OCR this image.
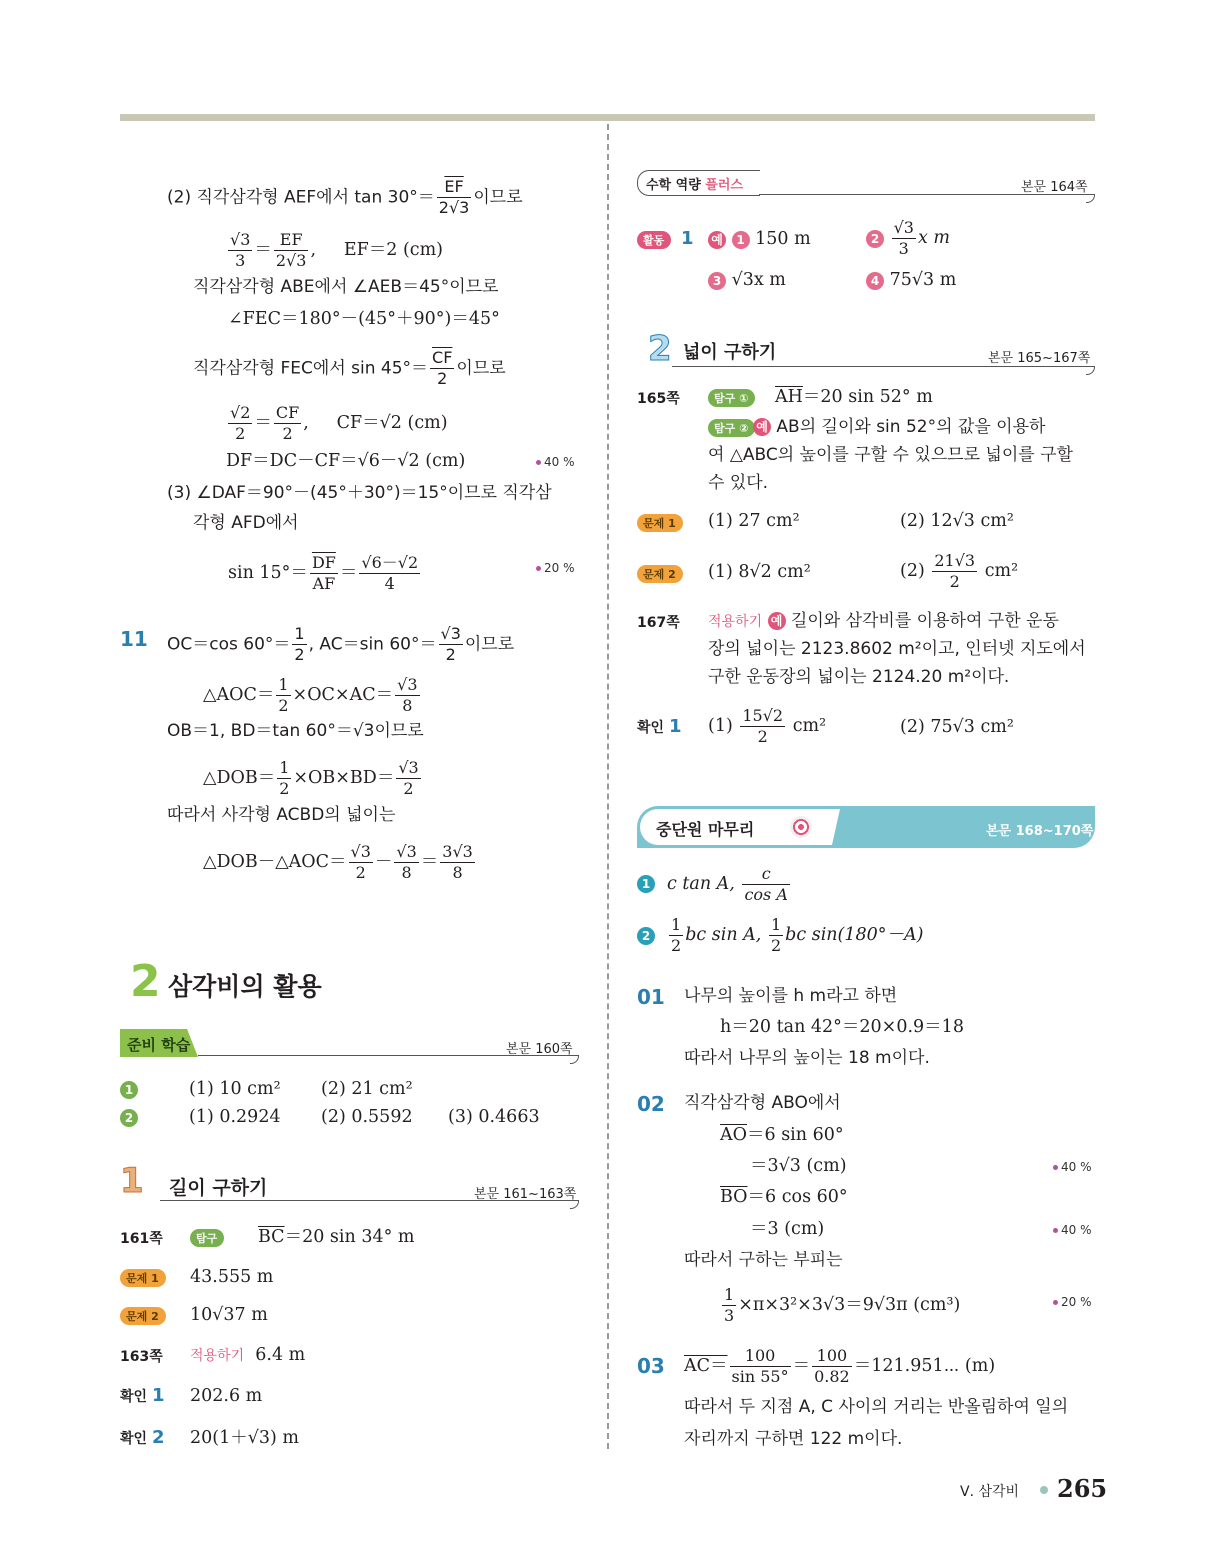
(2) 직각삼각형 AEF에서 $\tan 30^\circ= \frac{\overline{EF}}{2√3}$ 이므로
$\frac{√3}{3} = \frac{EF}{2√3}$ ,     EF＝2 (cm)
직각삼각형 ABE에서 ∠AEB＝45°이므로
∠FEC＝180°－(45°＋90°)＝45°
직각삼각형 FEC에서 $\sin 45^\circ= \frac{\overline{CF}}{2}$ 이므로
$\frac{√2}{2} = \frac{CF}{2}$ ,     CF＝√2 (cm)
DF＝DC－CF＝√6－√2 (cm)	40 %
(3) ∠DAF＝90°－(45°＋30°)＝15°이므로 직각삼
각형 AFD에서
$\sin 15^\circ= \frac{\overline{DF}}{AF} = \frac{√6-√2}{4}$	20 %
11 OC＝cos $60^\circ= \frac{1}{2}$ , AC＝sin $60^\circ= \frac{√3}{2}$ 이므로
△AOC＝ $\frac{1}{2} \times OC\times AC= \frac{√3}{8}$
OB＝1, BD＝tan 60°＝√3이므로
△DOB＝ $\frac{1}{2} \times OB\times BD= \frac{√3}{2}$
따라서 사각형 ACBD의 넓이는
△DOB－△AOC＝ $\frac{√3}{2} - \frac{√3}{8} = \frac{3√3}{8}$
2 삼각비의 활용
준비 학습	본문 160쪽
1	(1) 10 cm² (2) 21 cm²
2	(1) 0.2924 (2) 0.5592 (3) 0.4663
1 길이 구하기	본문 161~163쪽
161쪽	탐구	$\overline{BC}=20$ sin 34° m
문제 1	43.555 m
문제 2	10√37 m
163쪽 적용하기 6.4 m
확인 1 202.6 m
확인 2 20(1＋√3) m
수학 역량 플러스	본문 164쪽
활동 1 예 1 150 m	$2 \frac{√3}{3}$ x m
3 √3x m	4 75√3 m
2 넓이 구하기	본문 165~167쪽
165쪽	탐구 ①	$\overline{AH}=20$ sin 52° m
탐구 ② 예 AB의 길이와 sin 52°의 값을 이용하
여 △ABC의 높이를 구할 수 있으므로 넓이를 구할
수 있다.
문제 1	(1) 27 cm²	(2) 12√3 cm²
문제 2	(1) 8√2 cm²	$(2) \frac{21√3}{2} cm^2$
167쪽 적용하기 예 길이와 삼각비를 이용하여 구한 운동
장의 넓이는 2123.8602 m²이고, 인터넷 지도에서
구한 운동장의 넓이는 2124.20 m²이다.
확인 1 $(1) \frac{15√2}{2} cm^2$	(2) 75√3 cm²
중단원 마무리	본문 168~170쪽
1 c tan A, $\frac{c}{\text{cos A}}$
2	$\frac{1}{2}$ bc sin A, $\frac{1}{2}$ bc sin(180°－A)
01 나무의 높이를 h m라고 하면
h＝20 tan 42°＝20×0.9＝18
따라서 나무의 높이는 18 m이다.
02 직각삼각형 ABO에서
$\overline{AO}=6$ sin 60°
＝3√3 (cm)	40 %
$\overline{BO}=6$ cos 60°
＝3 (cm)	40 %
따라서 구하는 부피는
$\frac{1}{3} \times\pi\times 3^2\times 3√3=9√3\pi$ (cm³)	20 %
03 $AC= \frac{100}{\sin 55^\circ} = \frac{100}{0.82}$ ＝121.951⋯ (m)
따라서 두 지점 A, C 사이의 거리는 반올림하여 일의
자리까지 구하면 122 m이다.
Ⅴ. 삼각비 265
